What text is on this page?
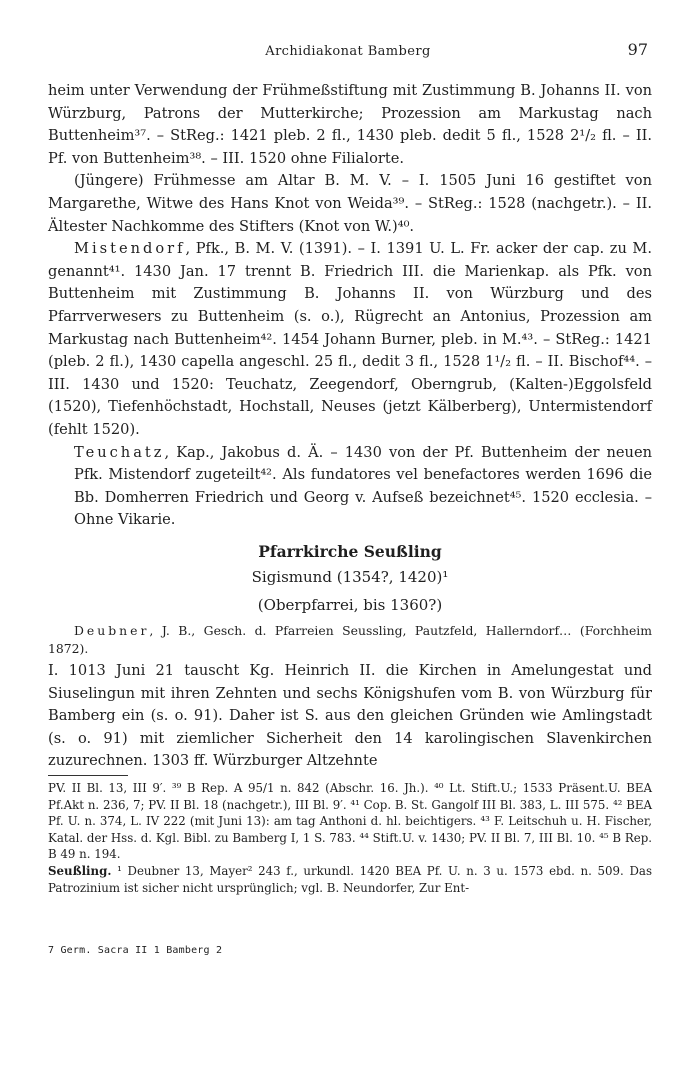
Archidiakonat Bamberg	97

heim unter Verwendung der Frühmeßstiftung mit Zustimmung B. Johanns II. von Würzburg, Patrons der Mutterkirche; Prozession am Markustag nach Buttenheim³⁷. – StReg.: 1421 pleb. 2 fl., 1430 pleb. dedit 5 fl., 1528 2¹/₂ fl. – II. Pf. von Buttenheim³⁸. – III. 1520 ohne Filialorte.

(Jüngere) Frühmesse am Altar B. M. V. – I. 1505 Juni 16 gestiftet von Margarethe, Witwe des Hans Knot von Weida³⁹. – StReg.: 1528 (nachgetr.). – II. Ältester Nachkomme des Stifters (Knot von W.)⁴⁰.

Mistendorf, Pfk., B. M. V. (1391). – I. 1391 U. L. Fr. acker der cap. zu M. genannt⁴¹. 1430 Jan. 17 trennt B. Friedrich III. die Marienkap. als Pfk. von Buttenheim mit Zustimmung B. Johanns II. von Würzburg und des Pfarrverwesers zu Buttenheim (s. o.), Rügrecht an Antonius, Prozession am Markustag nach Buttenheim⁴². 1454 Johann Burner, pleb. in M.⁴³. – StReg.: 1421 (pleb. 2 fl.), 1430 capella angeschl. 25 fl., dedit 3 fl., 1528 1¹/₂ fl. – II. Bischof⁴⁴. – III. 1430 und 1520: Teuchatz, Zeegendorf, Oberngrub, (Kalten-)Eggolsfeld (1520), Tiefenhöchstadt, Hochstall, Neuses (jetzt Kälberberg), Untermistendorf (fehlt 1520).

Teuchatz, Kap., Jakobus d. Ä. – 1430 von der Pf. Buttenheim der neuen Pfk. Mistendorf zugeteilt⁴². Als fundatores vel benefactores werden 1696 die Bb. Domherren Friedrich und Georg v. Aufseß bezeichnet⁴⁵. 1520 ecclesia. – Ohne Vikarie.

Pfarrkirche Seußling
Sigismund (1354?, 1420)¹
(Oberpfarrei, bis 1360?)
Deubner, J. B., Gesch. d. Pfarreien Seussling, Pautzfeld, Hallerndorf… (Forchheim 1872).
I. 1013 Juni 21 tauscht Kg. Heinrich II. die Kirchen in Amelungestat und Siuselingun mit ihren Zehnten und sechs Königshufen vom B. von Würzburg für Bamberg ein (s. o. 91). Daher ist S. aus den gleichen Gründen wie Amlingstadt (s. o. 91) mit ziemlicher Sicherheit den 14 karolingischen Slavenkirchen zuzurechnen. 1303 ff. Würzburger Altzehnte

PV. II Bl. 13, III 9′. ³⁹ B Rep. A 95/1 n. 842 (Abschr. 16. Jh.). ⁴⁰ Lt. Stift.U.; 1533 Präsent.U. BEA Pf.Akt n. 236, 7; PV. II Bl. 18 (nachgetr.), III Bl. 9′. ⁴¹ Cop. B. St. Gangolf III Bl. 383, L. III 575. ⁴² BEA Pf. U. n. 374, L. IV 222 (mit Juni 13): am tag Anthoni d. hl. beichtigers. ⁴³ F. Leitschuh u. H. Fischer, Katal. der Hss. d. Kgl. Bibl. zu Bamberg I, 1 S. 783. ⁴⁴ Stift.U. v. 1430; PV. II Bl. 7, III Bl. 10. ⁴⁵ B Rep. B 49 n. 194.

Seußling. ¹ Deubner 13, Mayer² 243 f., urkundl. 1420 BEA Pf. U. n. 3 u. 1573 ebd. n. 509. Das Patrozinium ist sicher nicht ursprünglich; vgl. B. Neundorfer, Zur Ent-

7 Germ. Sacra II 1 Bamberg 2
